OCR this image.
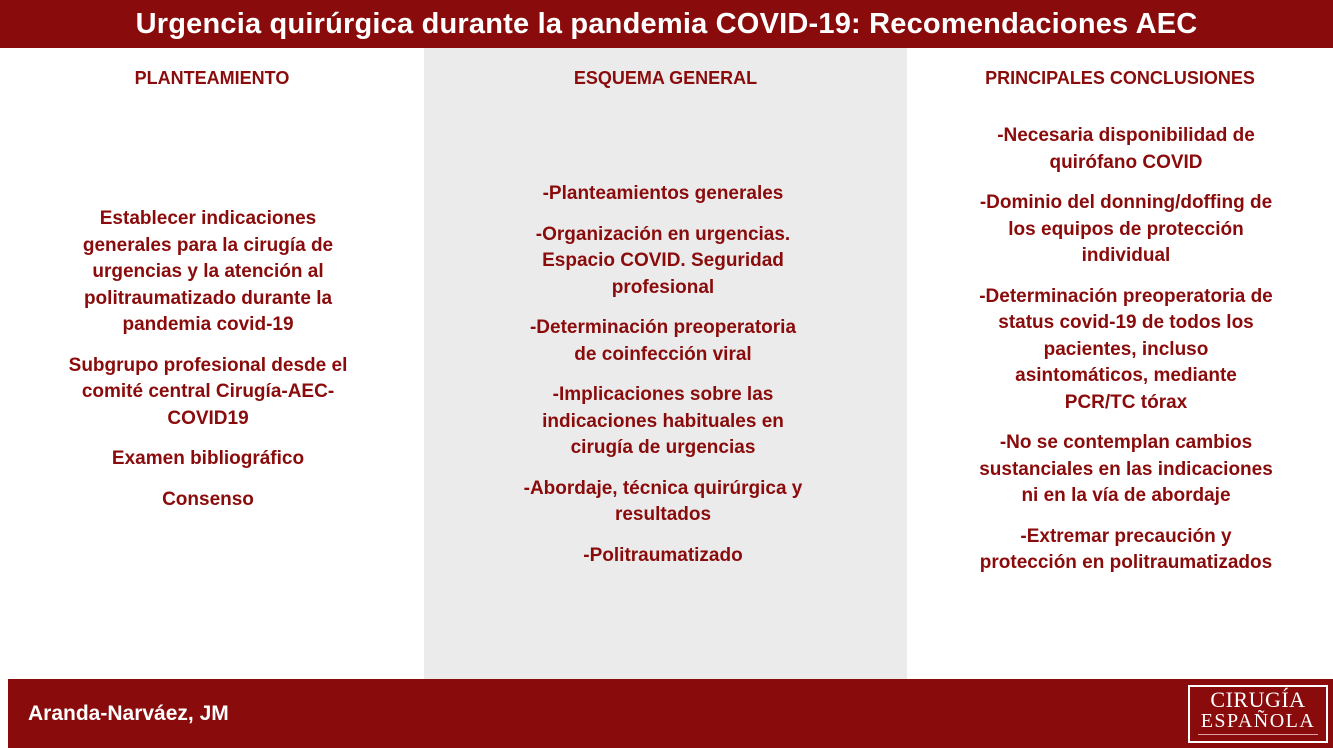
Urgencia quirúrgica durante la pandemia COVID-19: Recomendaciones AEC
PLANTEAMIENTO

Establecer indicaciones generales para la cirugía de urgencias y la atención al politraumatizado durante la pandemia covid-19

Subgrupo profesional desde el comité central Cirugía-AEC-COVID19

Examen bibliográfico

Consenso

ESQUEMA GENERAL

-Planteamientos generales

-Organización en urgencias. Espacio COVID. Seguridad profesional

-Determinación preoperatoria de coinfección viral

-Implicaciones sobre las indicaciones habituales en cirugía de urgencias

-Abordaje, técnica quirúrgica y resultados

-Politraumatizado

PRINCIPALES CONCLUSIONES

-Necesaria disponibilidad de quirófano COVID

-Dominio del donning/doffing de los equipos de protección individual

-Determinación preoperatoria de status covid-19 de todos los pacientes, incluso asintomáticos, mediante PCR/TC tórax

-No se contemplan cambios sustanciales en las indicaciones ni en la vía de abordaje

-Extremar precaución y protección en politraumatizados

Aranda-Narváez, JM
CIRUGÍA
ESPAÑOLA
